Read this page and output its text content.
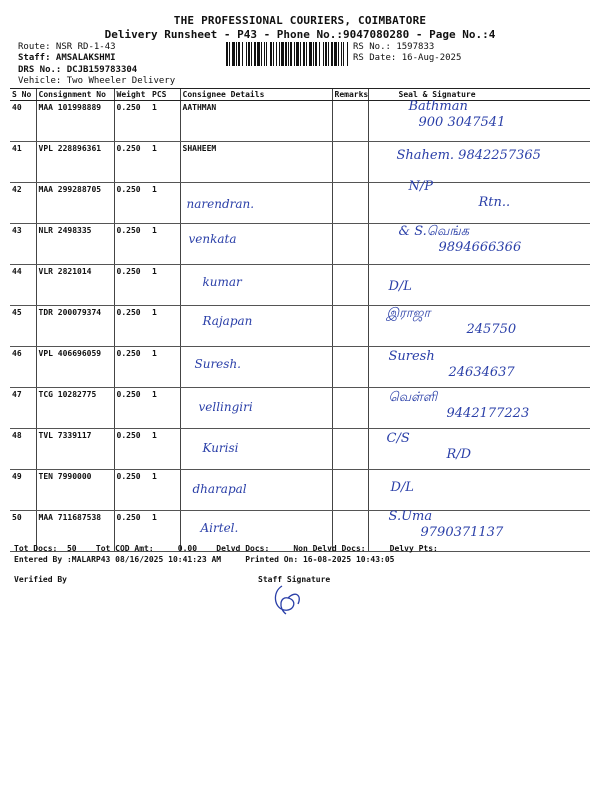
THE PROFESSIONAL COURIERS, COIMBATORE
Delivery Runsheet - P43 - Phone No.:9047080280 - Page No.:4
Route: NSR RD-1-43
Staff: AMSALAKSHMI
DRS No.: DCJB159783304
Vehicle: Two Wheeler Delivery
RS No.: 1597833
RS Date: 16-Aug-2025
S No	Consignment No	Weight	PCS	Consignee Details	Remarks	Seal & Signature
40	MAA 101998889	0.250	1	AATHMAN		Bathman
900 3047541

41	VPL 228896361	0.250	1	SHAHEEM		Shahem. 9842257365

42	MAA 299288705	0.250	1	narendran.		N/P
Rtn..

43	NLR 2498335	0.250	1	venkata		& S.வெங்க
9894666366

44	VLR 2821014	0.250	1	kumar		D/L

45	TDR 200079374	0.250	1	Rajapan		இராஜா
245750

46	VPL 406696059	0.250	1	Suresh.		Suresh
24634637

47	TCG 10282775	0.250	1	vellingiri		வெள்ளி
9442177223

48	TVL 7339117	0.250	1	Kurisi		C/S
R/D

49	TEN 7990000	0.250	1	dharapal		D/L

50	MAA 711687538	0.250	1	Airtel.		S.Uma
9790371137
Tot Docs:  50    Tot COD Amt:     0.00    Delvd Docs:     Non Delvd Docs:     Delvy Pts:
Entered By :MALARP43 08/16/2025 10:41:23 AM     Printed On: 16-08-2025 10:43:05
Verified By	Staff Signature
